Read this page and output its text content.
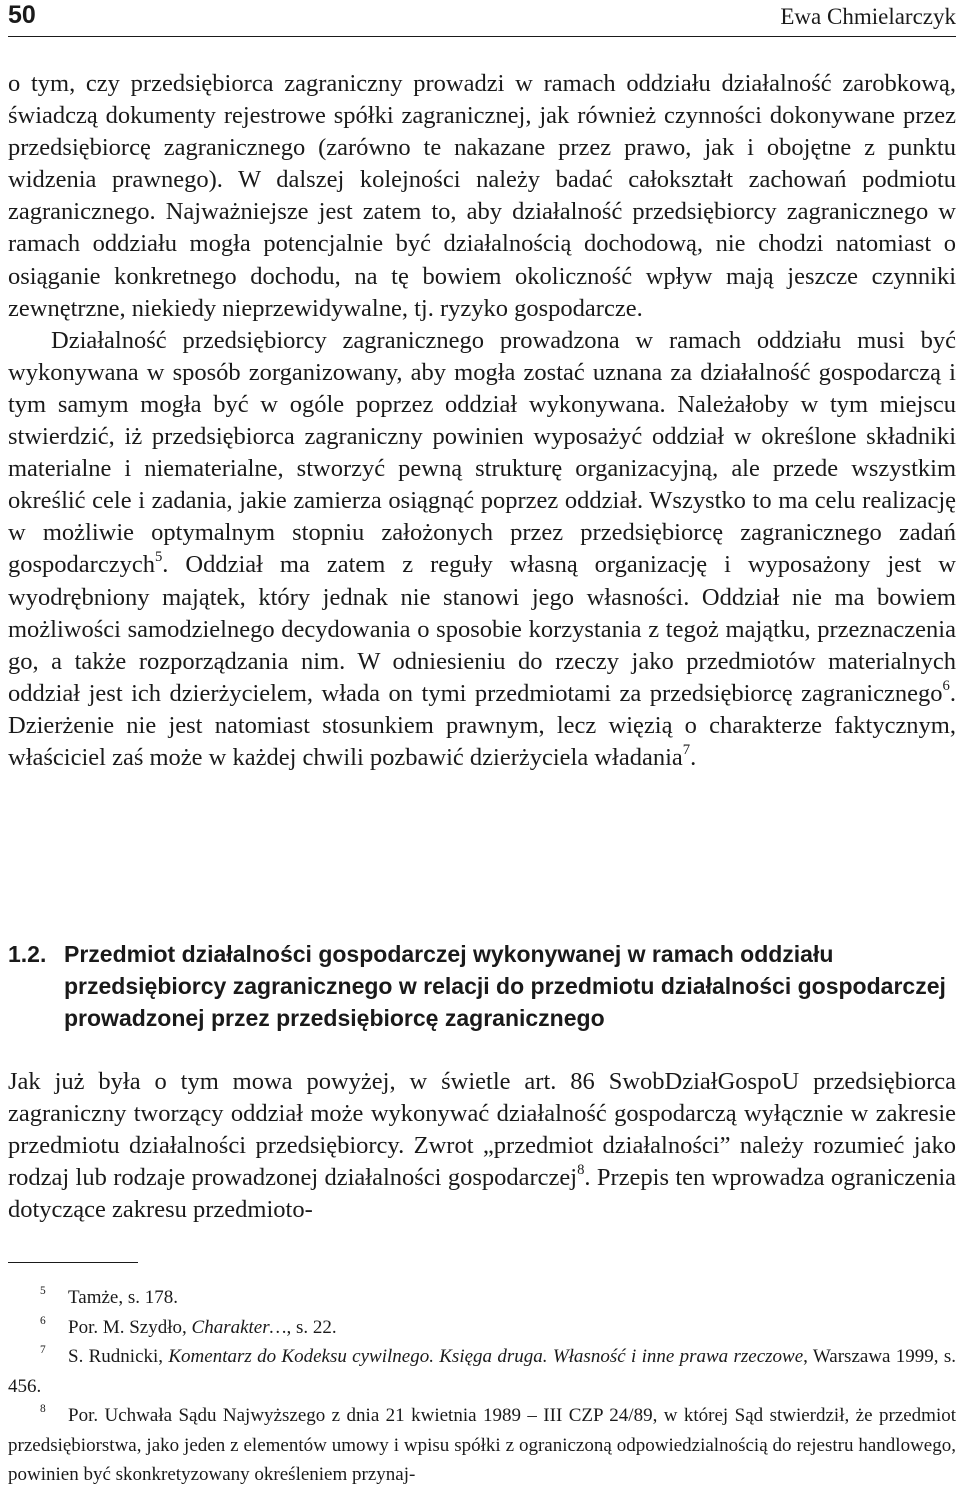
50	Ewa Chmielarczyk

o tym, czy przedsiębiorca zagraniczny prowadzi w ramach oddziału działalność zarobkową, świadczą dokumenty rejestrowe spółki zagranicznej, jak również czynności dokonywane przez przedsiębiorcę zagranicznego (zarówno te nakazane przez prawo, jak i obojętne z punktu widzenia prawnego). W dalszej kolejności należy badać całokształt zachowań podmiotu zagranicznego. Najważniejsze jest zatem to, aby działalność przedsiębiorcy zagranicznego w ramach oddziału mogła potencjalnie być działalnością dochodową, nie chodzi natomiast o osiąganie konkretnego dochodu, na tę bowiem okoliczność wpływ mają jeszcze czynniki zewnętrzne, niekiedy nieprzewidywalne, tj. ryzyko gospodarcze.

Działalność przedsiębiorcy zagranicznego prowadzona w ramach oddziału musi być wykonywana w sposób zorganizowany, aby mogła zostać uznana za działalność gospodarczą i tym samym mogła być w ogóle poprzez oddział wykonywana. Należałoby w tym miejscu stwierdzić, iż przedsiębiorca zagraniczny powinien wyposażyć oddział w określone składniki materialne i niematerialne, stworzyć pewną strukturę organizacyjną, ale przede wszystkim określić cele i zadania, jakie zamierza osiągnąć poprzez oddział. Wszystko to ma celu realizację w możliwie optymalnym stopniu założonych przez przedsiębiorcę zagranicznego zadań gospodarczych$^5$. Oddział ma zatem z reguły własną organizację i wyposażony jest w wyodrębniony majątek, który jednak nie stanowi jego własności. Oddział nie ma bowiem możliwości samodzielnego decydowania o sposobie korzystania z tegoż majątku, przeznaczenia go, a także rozporządzania nim. W odniesieniu do rzeczy jako przedmiotów materialnych oddział jest ich dzierżycielem, włada on tymi przedmiotami za przedsiębiorcę zagranicznego$^6$. Dzierżenie nie jest natomiast stosunkiem prawnym, lecz więzią o charakterze faktycznym, właściciel zaś może w każdej chwili pozbawić dzierżyciela władania$^7$.

1.2. Przedmiot działalności gospodarczej wykonywanej w ramach oddziału przedsiębiorcy zagranicznego w relacji do przedmiotu działalności gospodarczej prowadzonej przez przedsiębiorcę zagranicznego

Jak już była o tym mowa powyżej, w świetle art. 86 SwobDziałGospoU przedsiębiorca zagraniczny tworzący oddział może wykonywać działalność gospodarczą wyłącznie w zakresie przedmiotu działalności przedsiębiorcy. Zwrot „przedmiot działalności” należy rozumieć jako rodzaj lub rodzaje prowadzonej działalności gospodarczej$^8$. Przepis ten wprowadza ograniczenia dotyczące zakresu przedmioto-

$^5$ Tamże, s. 178.

$^6$ Por. M. Szydło, Charakter…, s. 22.

$^7$ S. Rudnicki, Komentarz do Kodeksu cywilnego. Księga druga. Własność i inne prawa rzeczowe, Warszawa 1999, s. 456.

$^8$ Por. Uchwała Sądu Najwyższego z dnia 21 kwietnia 1989 – III CZP 24/89, w której Sąd stwierdził, że przedmiot przedsiębiorstwa, jako jeden z elementów umowy i wpisu spółki z ograniczoną odpowiedzialnością do rejestru handlowego, powinien być skonkretyzowany określeniem przynaj-
